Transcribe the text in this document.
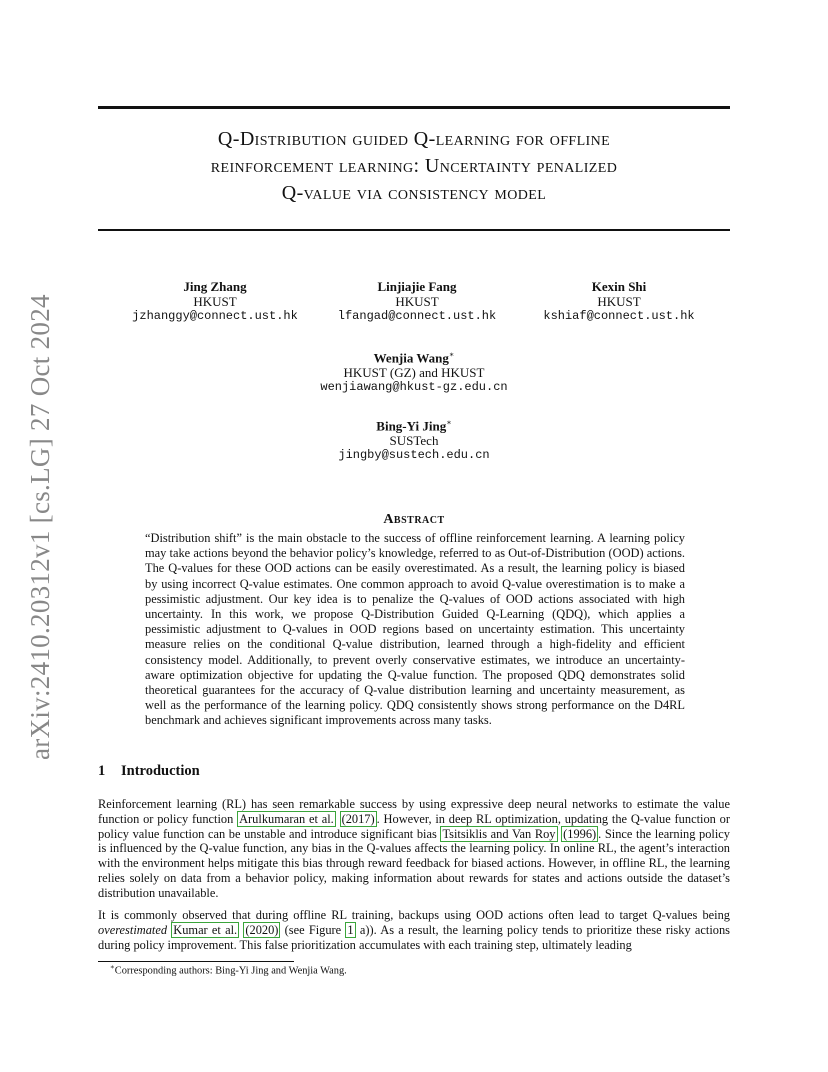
arXiv:2410.20312v1 [cs.LG] 27 Oct 2024
Q-Distribution guided Q-learning for offline
reinforcement learning: Uncertainty penalized
Q-value via consistency model
Jing Zhang
HKUST
jzhanggy@connect.ust.hk
Linjiajie Fang
HKUST
lfangad@connect.ust.hk
Kexin Shi
HKUST
kshiaf@connect.ust.hk
Wenjia Wang∗
HKUST (GZ) and HKUST
wenjiawang@hkust-gz.edu.cn
Bing-Yi Jing∗
SUSTech
jingby@sustech.edu.cn
Abstract
“Distribution shift” is the main obstacle to the success of offline reinforcement learning. A learning policy may take actions beyond the behavior policy’s knowledge, referred to as Out-of-Distribution (OOD) actions. The Q-values for these OOD actions can be easily overestimated. As a result, the learning policy is biased by using incorrect Q-value estimates. One common approach to avoid Q-value overestimation is to make a pessimistic adjustment. Our key idea is to penalize the Q-values of OOD actions associated with high uncertainty. In this work, we propose Q-Distribution Guided Q-Learning (QDQ), which applies a pessimistic adjustment to Q-values in OOD regions based on uncertainty estimation. This uncertainty measure relies on the conditional Q-value distribution, learned through a high-fidelity and efficient consistency model. Additionally, to prevent overly conservative estimates, we introduce an uncertainty-aware optimization objective for updating the Q-value function. The proposed QDQ demonstrates solid theoretical guarantees for the accuracy of Q-value distribution learning and uncertainty measurement, as well as the performance of the learning policy. QDQ consistently shows strong performance on the D4RL benchmark and achieves significant improvements across many tasks.
1 Introduction
Reinforcement learning (RL) has seen remarkable success by using expressive deep neural networks to estimate the value function or policy function Arulkumaran et al. (2017) . However, in deep RL optimization, updating the Q-value function or policy value function can be unstable and introduce significant bias Tsitsiklis and Van Roy (1996) . Since the learning policy is influenced by the Q-value function, any bias in the Q-values affects the learning policy. In online RL, the agent’s interaction with the environment helps mitigate this bias through reward feedback for biased actions. However, in offline RL, the learning relies solely on data from a behavior policy, making information about rewards for states and actions outside the dataset’s distribution unavailable.
It is commonly observed that during offline RL training, backups using OOD actions often lead to target Q-values being overestimated Kumar et al. (2020) (see Figure 1 a)). As a result, the learning policy tends to prioritize these risky actions during policy improvement. This false prioritization accumulates with each training step, ultimately leading
∗Corresponding authors: Bing-Yi Jing and Wenjia Wang.
